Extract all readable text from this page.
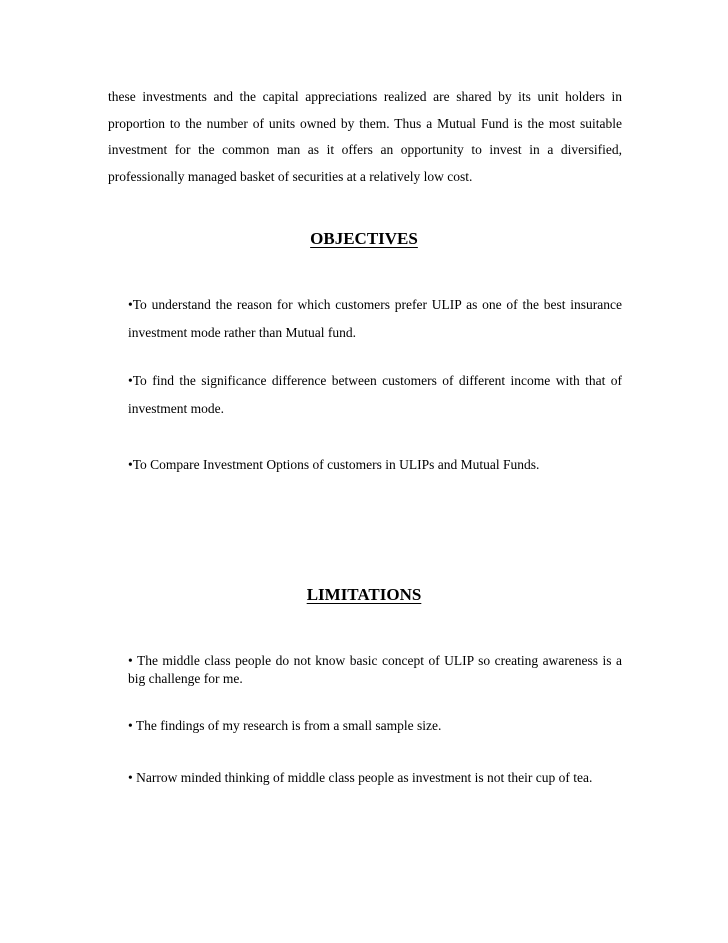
these investments and the capital appreciations realized are shared by its unit holders in proportion to the number of units owned by them. Thus a Mutual Fund is the most suitable investment for the common man as it offers an opportunity to invest in a diversified, professionally managed basket of securities at a relatively low cost.

OBJECTIVES

•To understand the reason for which customers prefer ULIP as one of the best insurance investment mode rather than Mutual fund.

•To find the significance difference between customers of different income with that of investment mode.

•To Compare Investment Options of customers in ULIPs and Mutual Funds.

LIMITATIONS

• The middle class people do not know basic concept of ULIP so creating awareness is a big challenge for me.

• The findings of my research is from a small sample size.

• Narrow minded thinking of middle class people as investment is not their cup of tea.
